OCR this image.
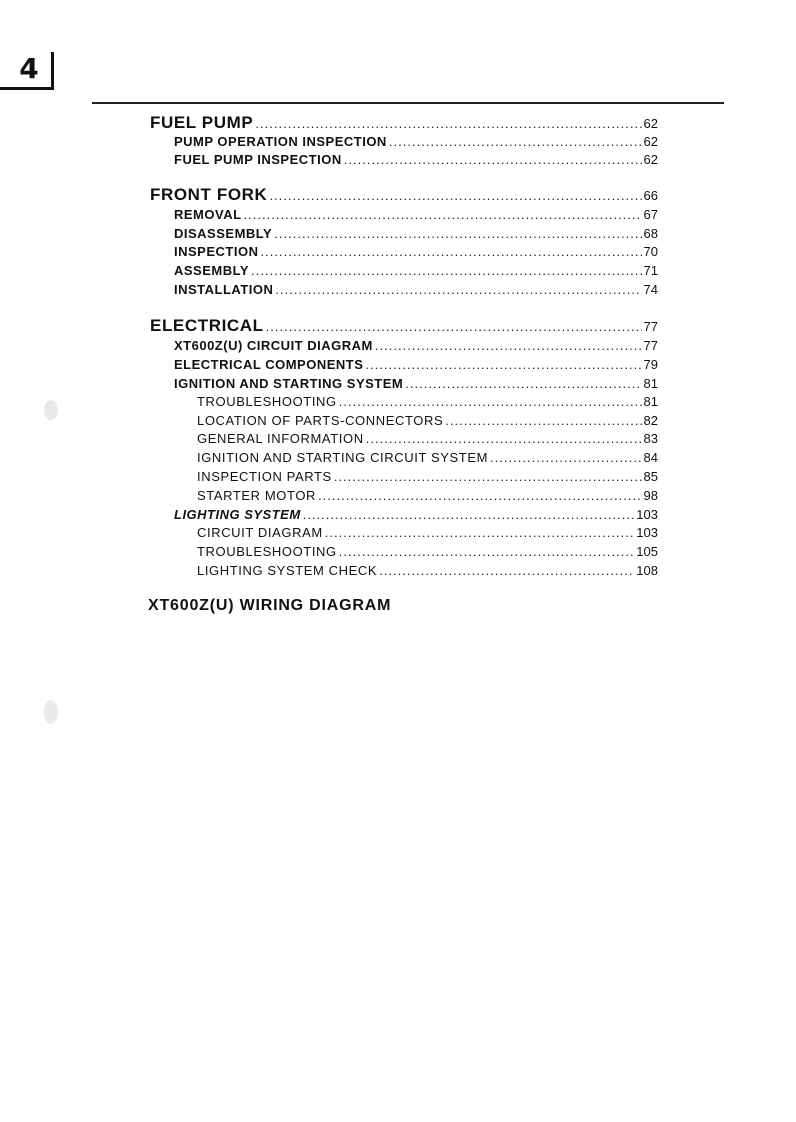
4
FUEL PUMP . . .	62
PUMP OPERATION INSPECTION . . .	62
FUEL PUMP INSPECTION . . .	62
FRONT FORK . . .	66
REMOVAL . . .	67
DISASSEMBLY . . .	68
INSPECTION . . .	70
ASSEMBLY . . .	71
INSTALLATION . . .	74
ELECTRICAL . . .	77
XT600Z(U) CIRCUIT DIAGRAM . . .	77
ELECTRICAL COMPONENTS . . .	79
IGNITION AND STARTING SYSTEM . . .	81
TROUBLESHOOTING . . .	81
LOCATION OF PARTS-CONNECTORS . . .	82
GENERAL INFORMATION . . .	83
IGNITION AND STARTING CIRCUIT SYSTEM . . .	84
INSPECTION PARTS . . .	85
STARTER MOTOR . . .	98
LIGHTING SYSTEM . . .	103
CIRCUIT DIAGRAM . . .	103
TROUBLESHOOTING . . .	105
LIGHTING SYSTEM CHECK . . .	108
XT600Z(U) WIRING DIAGRAM
